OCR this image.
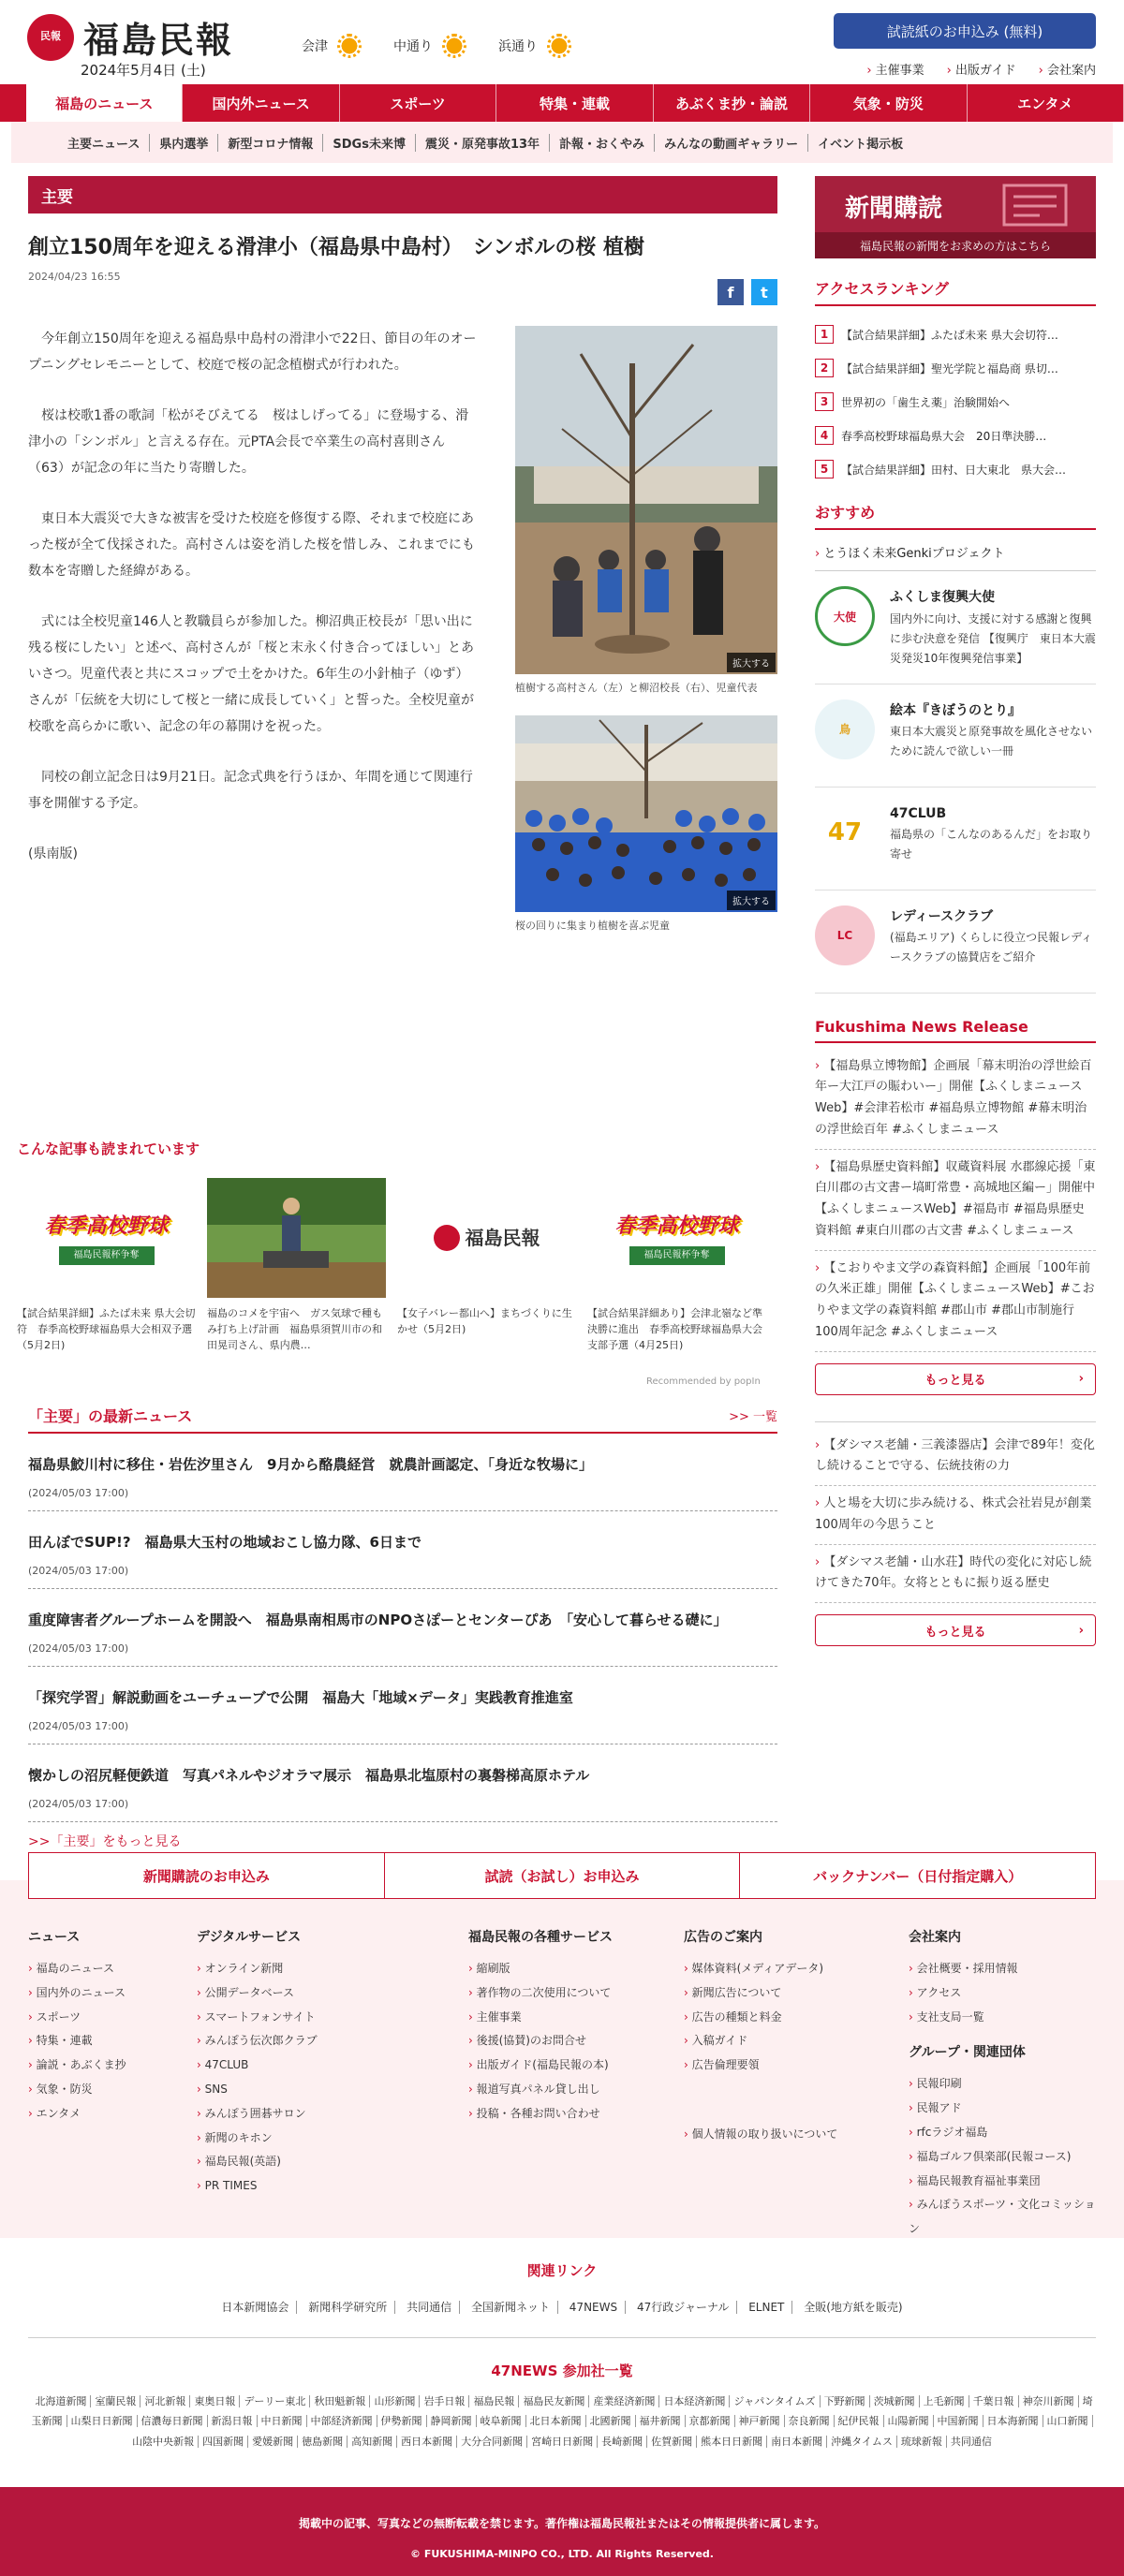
民報 福島民報
2024年5月4日 (土)
会津	中通り	浜通り
試読紙のお申込み (無料)
› 主催事業	› 出版ガイド	› 会社案内
福島のニュース	国内外ニュース	スポーツ	特集・連載	あぶくま抄・論説	気象・防災	エンタメ
主要ニュース	県内選挙	新型コロナ情報	SDGs未来博	震災・原発事故13年	訃報・おくやみ	みんなの動画ギャラリー	イベント掲示板
主要
創立150周年を迎える滑津小（福島県中島村）　シンボルの桜 植樹
2024/04/23 16:55
f	t

今年創立150周年を迎える福島県中島村の滑津小で22日、節目の年のオープニングセレモニーとして、校庭で桜の記念植樹式が行われた。

桜は校歌1番の歌詞「松がそびえてる　桜はしげってる」に登場する、滑津小の「シンボル」と言える存在。元PTA会長で卒業生の高村喜則さん（63）が記念の年に当たり寄贈した。

東日本大震災で大きな被害を受けた校庭を修復する際、それまで校庭にあった桜が全て伐採された。高村さんは姿を消した桜を惜しみ、これまでにも数本を寄贈した経緯がある。

式には全校児童146人と教職員らが参加した。柳沼典正校長が「思い出に残る桜にしたい」と述べ、高村さんが「桜と末永く付き合ってほしい」とあいさつ。児童代表と共にスコップで土をかけた。6年生の小針柚子（ゆず）さんが「伝統を大切にして桜と一緒に成長していく」と誓った。全校児童が校歌を高らかに歌い、記念の年の幕開けを祝った。

同校の創立記念日は9月21日。記念式典を行うほか、年間を通じて関連行事を開催する予定。

(県南版)

拡大する
植樹する高村さん（左）と柳沼校長（右）、児童代表
拡大する
桜の回りに集まり植樹を喜ぶ児童
こんな記事も読まれています
春季高校野球
福島民報杯争奪
【試合結果詳細】ふたば未来 県大会切符　春季高校野球福島県大会相双予選（5月2日)
福島のコメを宇宙へ　ガス気球で種もみ打ち上げ計画　福島県須賀川市の和田晃司さん、県内農…
福島民報
【女子バレー都山へ】まちづくりに生かせ（5月2日)
春季高校野球
福島民報杯争奪
【試合結果詳細あり】会津北嶺など準決勝に進出　春季高校野球福島県大会支部予選（4月25日)
Recommended by popIn
「主要」の最新ニュース	>> 一覧
福島県鮫川村に移住・岩佐汐里さん　9月から酪農経営　就農計画認定、「身近な牧場に」
(2024/05/03 17:00)
田んぼでSUP!?　福島県大玉村の地域おこし協力隊、6日まで
(2024/05/03 17:00)
重度障害者グループホームを開設へ　福島県南相馬市のNPOさぽーとセンターぴあ　「安心して暮らせる礎に」
(2024/05/03 17:00)
「探究学習」解説動画をユーチューブで公開　福島大「地域×データ」実践教育推進室
(2024/05/03 17:00)
懐かしの沼尻軽便鉄道　写真パネルやジオラマ展示　福島県北塩原村の裏磐梯高原ホテル
(2024/05/03 17:00)
>>「主要」をもっと見る
新聞購読
福島民報の新聞をお求めの方はこちら
アクセスランキング
1	【試合結果詳細】ふたば未来 県大会切符…
2	【試合結果詳細】聖光学院と福島商 県切…
3	世界初の「歯生え薬」治験開始へ
4	春季高校野球福島県大会　20日準決勝…
5	【試合結果詳細】田村、日大東北　県大会…
おすすめ
› とうほく未来Genkiプロジェクト
大使
ふくしま復興大使
国内外に向け、支援に対する感謝と復興に歩む決意を発信 【復興庁　東日本大震災発災10年復興発信事業】
鳥
絵本『きぼうのとり』
東日本大震災と原発事故を風化させないために読んで欲しい一冊
47
47CLUB
福島県の「こんなのあるんだ」をお取り寄せ
LC
レディースクラブ
(福島エリア) くらしに役立つ民報レディースクラブの協賛店をご紹介
Fukushima News Release
› 【福島県立博物館】企画展「幕末明治の浮世絵百年ー大江戸の賑わいー」開催【ふくしまニュースWeb】#会津若松市 #福島県立博物館 #幕末明治の浮世絵百年 #ふくしまニュース
› 【福島県歴史資料館】収蔵資料展 水郡線応援「東白川郡の古文書ー塙町常豊・高城地区編ー」開催中【ふくしまニュースWeb】#福島市 #福島県歴史資料館 #東白川郡の古文書 #ふくしまニュース
› 【こおりやま文学の森資料館】企画展「100年前の久米正雄」開催【ふくしまニュースWeb】#こおりやま文学の森資料館 #郡山市 #郡山市制施行100周年記念 #ふくしまニュース
もっと見る ›
› 【ダシマス老舗・三義漆器店】会津で89年！変化し続けることで守る、伝統技術の力
› 人と場を大切に歩み続ける、株式会社岩見が創業100周年の今思うこと
› 【ダシマス老舗・山水荘】時代の変化に対応し続けてきた70年。女将とともに振り返る歴史
もっと見る ›
新聞購読のお申込み	試読（お試し）お申込み	バックナンバー（日付指定購入）
ニュース
› 福島のニュース
› 国内外のニュース
› スポーツ
› 特集・連載
› 論説・あぶくま抄
› 気象・防災
› エンタメ
デジタルサービス
› オンライン新聞
› 公開データベース
› スマートフォンサイト
› みんぽう伝次郎クラブ
› 47CLUB
› SNS
› みんぽう囲碁サロン
› 新聞のキホン
› 福島民報(英語)
› PR TIMES
福島民報の各種サービス
› 縮刷版
› 著作物の二次使用について
› 主催事業
› 後援(協賛)のお問合せ
› 出版ガイド(福島民報の本)
› 報道写真パネル貸し出し
› 投稿・各種お問い合わせ
広告のご案内
› 媒体資料(メディアデータ)
› 新聞広告について
› 広告の種類と料金
› 入稿ガイド
› 広告倫理要領
› 個人情報の取り扱いについて
会社案内
› 会社概要・採用情報
› アクセス
› 支社支局一覧
グループ・関連団体
› 民報印刷
› 民報アド
› rfcラジオ福島
› 福島ゴルフ倶楽部(民報コース)
› 福島民報教育福祉事業団
› みんぽうスポーツ・文化コミッション
関連リンク
日本新聞協会 新聞科学研究所 共同通信 全国新聞ネット 47NEWS 47行政ジャーナル ELNET 全販(地方紙を販売)
47NEWS 参加社一覧
北海道新聞 室蘭民報 河北新報 東奥日報 デーリー東北 秋田魁新報 山形新聞 岩手日報 福島民報 福島民友新聞 産業経済新聞 日本経済新聞 ジャパンタイムズ 下野新聞 茨城新聞 上毛新聞 千葉日報 神奈川新聞 埼玉新聞 山梨日日新聞 信濃毎日新聞 新潟日報 中日新聞 中部経済新聞 伊勢新聞 静岡新聞 岐阜新聞 北日本新聞 北國新聞 福井新聞 京都新聞 神戸新聞 奈良新聞 紀伊民報 山陽新聞 中国新聞 日本海新聞 山口新聞山陰中央新報 四国新聞 愛媛新聞 徳島新聞 高知新聞 西日本新聞 大分合同新聞 宮崎日日新聞 長崎新聞 佐賀新聞 熊本日日新聞 南日本新聞 沖縄タイムス 琉球新報 共同通信
掲載中の記事、写真などの無断転載を禁じます。著作権は福島民報社またはその情報提供者に属します。
© FUKUSHIMA-MINPO CO., LTD. All Rights Reserved.
